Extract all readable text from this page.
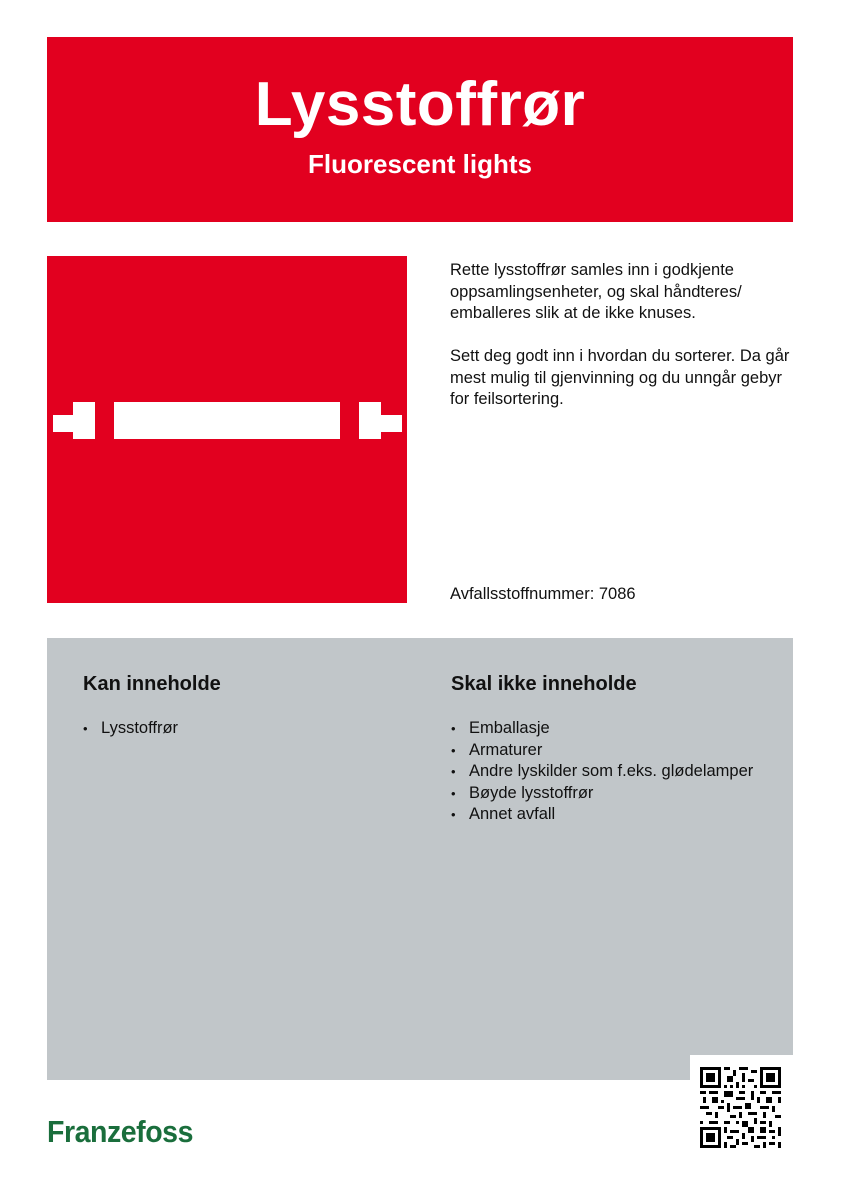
Lysstoffrør
Fluorescent lights

Rette lysstoffrør samles inn i godkjente oppsamlingsenheter, og skal håndteres/ emballeres slik at de ikke knuses.

Sett deg godt inn i hvordan du sorterer. Da går mest mulig til gjenvinning og du unngår gebyr for feilsortering.

Avfallsstoffnummer: 7086
Kan inneholde
• Lysstoffrør
Skal ikke inneholde
• Emballasje
• Armaturer
• Andre lyskilder som f.eks. glødelamper
• Bøyde lysstoffrør
• Annet avfall
Franzefoss
